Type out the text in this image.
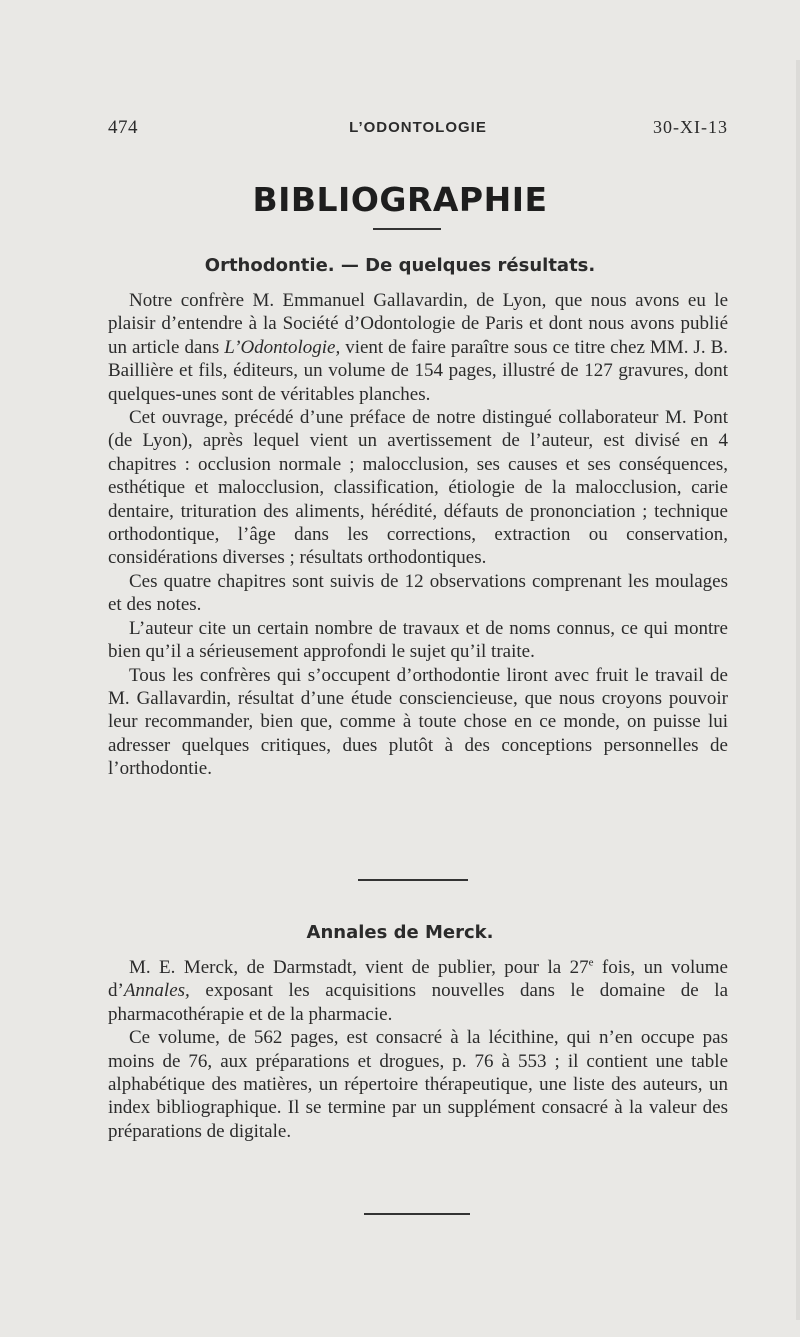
474	L’ODONTOLOGIE	30-XI-13
BIBLIOGRAPHIE
Orthodontie. — De quelques résultats.

Notre confrère M. Emmanuel Gallavardin, de Lyon, que nous avons eu le plaisir d’entendre à la Société d’Odontologie de Paris et dont nous avons publié un article dans L’Odontologie, vient de faire paraître sous ce titre chez MM. J. B. Baillière et fils, éditeurs, un volume de 154 pages, illustré de 127 gravures, dont quelques-unes sont de véritables planches.

Cet ouvrage, précédé d’une préface de notre distingué collaborateur M. Pont (de Lyon), après lequel vient un avertissement de l’auteur, est divisé en 4 chapitres : occlusion normale ; malocclusion, ses causes et ses conséquences, esthétique et malocclusion, classification, étiologie de la malocclusion, carie dentaire, trituration des aliments, hérédité, défauts de prononciation ; technique orthodontique, l’âge dans les corrections, extraction ou conservation, considérations diverses ; résultats orthodontiques.

Ces quatre chapitres sont suivis de 12 observations comprenant les moulages et des notes.

L’auteur cite un certain nombre de travaux et de noms connus, ce qui montre bien qu’il a sérieusement approfondi le sujet qu’il traite.

Tous les confrères qui s’occupent d’orthodontie liront avec fruit le travail de M. Gallavardin, résultat d’une étude consciencieuse, que nous croyons pouvoir leur recommander, bien que, comme à toute chose en ce monde, on puisse lui adresser quelques critiques, dues plutôt à des conceptions personnelles de l’orthodontie.

Annales de Merck.

M. E. Merck, de Darmstadt, vient de publier, pour la 27e fois, un volume d’Annales, exposant les acquisitions nouvelles dans le domaine de la pharmacothérapie et de la pharmacie.

Ce volume, de 562 pages, est consacré à la lécithine, qui n’en occupe pas moins de 76, aux préparations et drogues, p. 76 à 553 ; il contient une table alphabétique des matières, un répertoire thérapeutique, une liste des auteurs, un index bibliographique. Il se termine par un supplément consacré à la valeur des préparations de digitale.
